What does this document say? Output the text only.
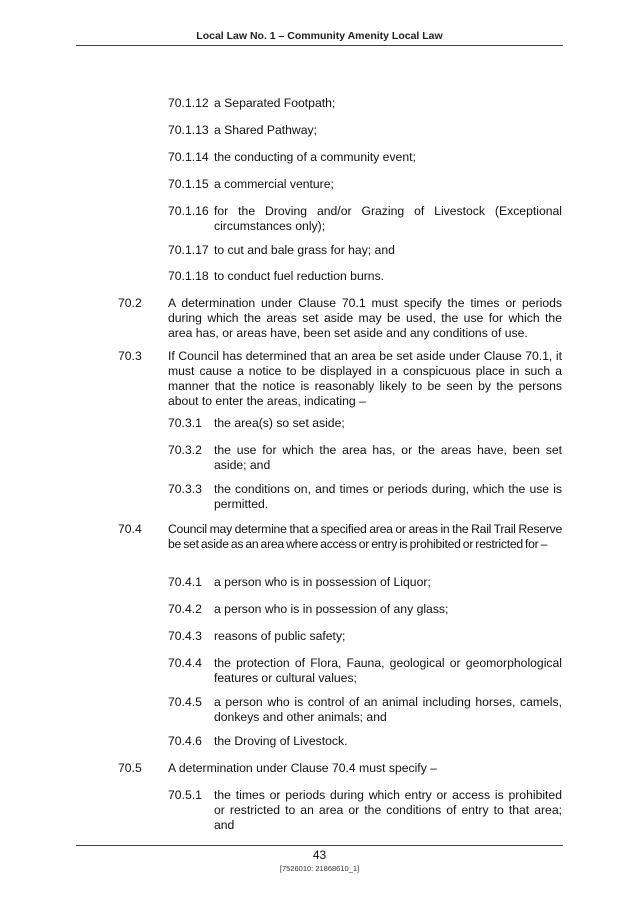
Local Law No. 1 – Community Amenity Local Law
70.1.12 a Separated Footpath;
70.1.13 a Shared Pathway;
70.1.14 the conducting of a community event;
70.1.15 a commercial venture;
70.1.16 for the Droving and/or Grazing of Livestock (Exceptional circumstances only);
70.1.17 to cut and bale grass for hay; and
70.1.18 to conduct fuel reduction burns.
70.2 A determination under Clause 70.1 must specify the times or periods during which the areas set aside may be used, the use for which the area has, or areas have, been set aside and any conditions of use.
70.3 If Council has determined that an area be set aside under Clause 70.1, it must cause a notice to be displayed in a conspicuous place in such a manner that the notice is reasonably likely to be seen by the persons about to enter the areas, indicating –
70.3.1 the area(s) so set aside;
70.3.2 the use for which the area has, or the areas have, been set aside; and
70.3.3 the conditions on, and times or periods during, which the use is permitted.
70.4 Council may determine that a specified area or areas in the Rail Trail Reserve be set aside as an area where access or entry is prohibited or restricted for –
70.4.1 a person who is in possession of Liquor;
70.4.2 a person who is in possession of any glass;
70.4.3 reasons of public safety;
70.4.4 the protection of Flora, Fauna, geological or geomorphological features or cultural values;
70.4.5 a person who is control of an animal including horses, camels, donkeys and other animals; and
70.4.6 the Droving of Livestock.
70.5 A determination under Clause 70.4 must specify –
70.5.1 the times or periods during which entry or access is prohibited or restricted to an area or the conditions of entry to that area; and
43
[7526010: 21868610_1]
